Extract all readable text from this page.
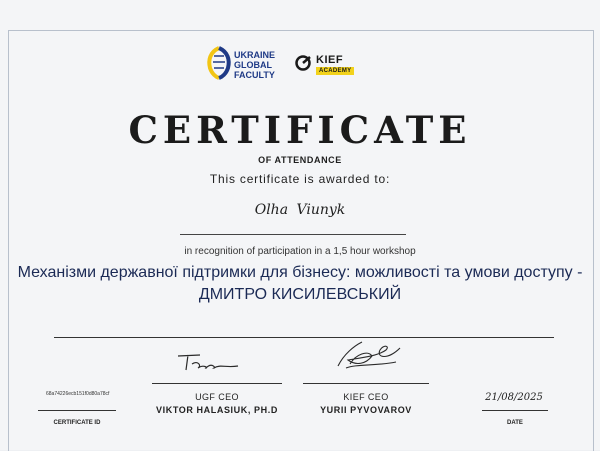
UKRAINE
GLOBAL
FACULTY
KIEF
ACADEMY
CERTIFICATE
OF ATTENDANCE
This certificate is awarded to:
Olha Viunyk
in recognition of participation in a 1,5 hour workshop
Механізми державної підтримки для бізнесу: можливості та умови доступу - ДМИТРО КИСИЛЕВСЬКИЙ
UGF CEO
VIKTOR HALASIUK, PH.D
KIEF CEO
YURII PYVOVAROV
68a74226ecb151f0d80a78cf
CERTIFICATE ID
21/08/2025
DATE
